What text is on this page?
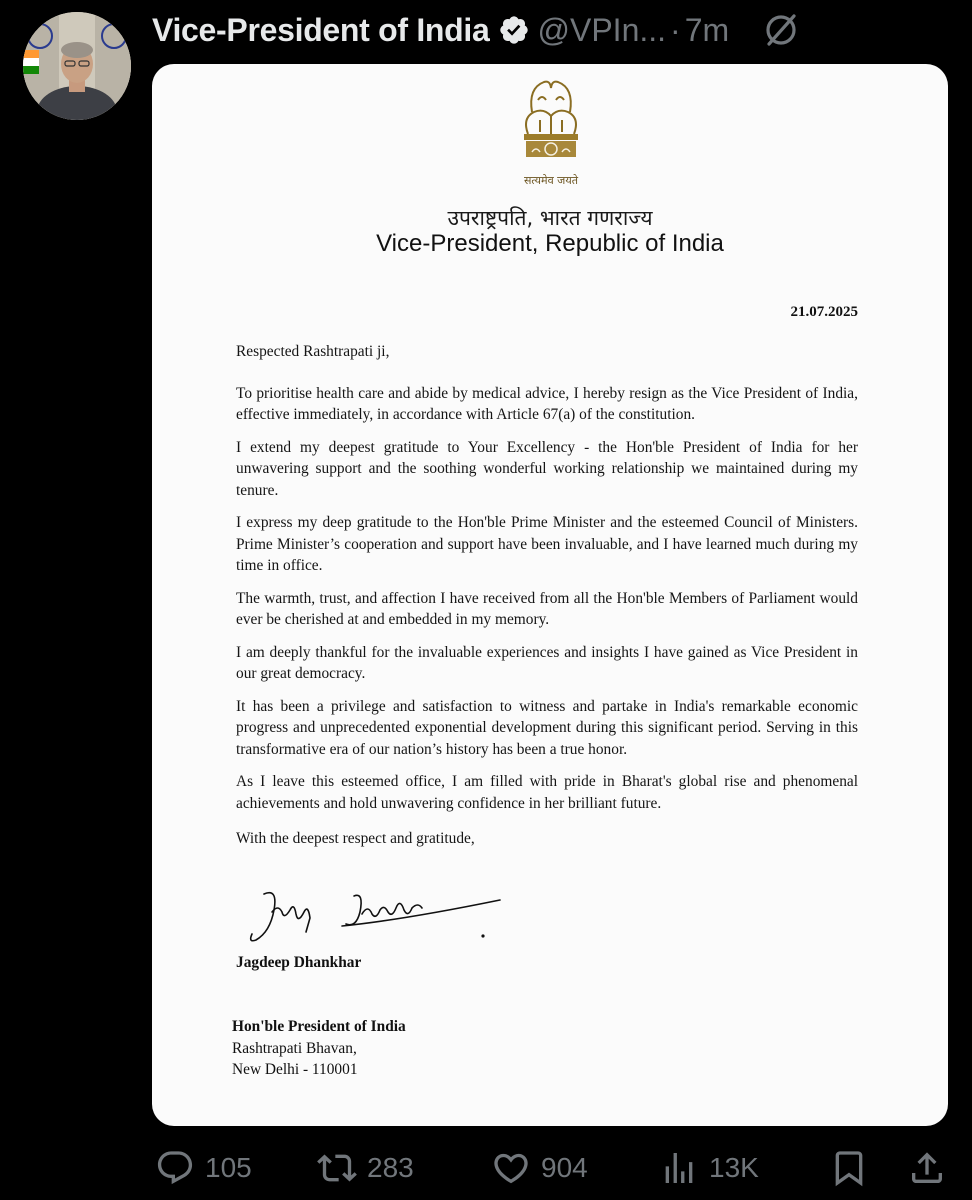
Vice-President of India @VPIn... · 7m
सत्यमेव जयते
उपराष्ट्रपति, भारत गणराज्य
Vice-President, Republic of India
21.07.2025

Respected Rashtrapati ji,

To prioritise health care and abide by medical advice, I hereby resign as the Vice President of India, effective immediately, in accordance with Article 67(a) of the constitution.

I extend my deepest gratitude to Your Excellency - the Hon'ble President of India for her unwavering support and the soothing wonderful working relationship we maintained during my tenure.

I express my deep gratitude to the Hon'ble Prime Minister and the esteemed Council of Ministers. Prime Minister’s cooperation and support have been invaluable, and I have learned much during my time in office.

The warmth, trust, and affection I have received from all the Hon'ble Members of Parliament would ever be cherished at and embedded in my memory.

I am deeply thankful for the invaluable experiences and insights I have gained as Vice President in our great democracy.

It has been a privilege and satisfaction to witness and partake in India's remarkable economic progress and unprecedented exponential development during this significant period. Serving in this transformative era of our nation’s history has been a true honor.

As I leave this esteemed office, I am filled with pride in Bharat's global rise and phenomenal achievements and hold unwavering confidence in her brilliant future.

With the deepest respect and gratitude,

Jagdeep Dhankhar
Hon'ble President of India
Rashtrapati Bhavan,
New Delhi - 110001
105	283	904	13K
